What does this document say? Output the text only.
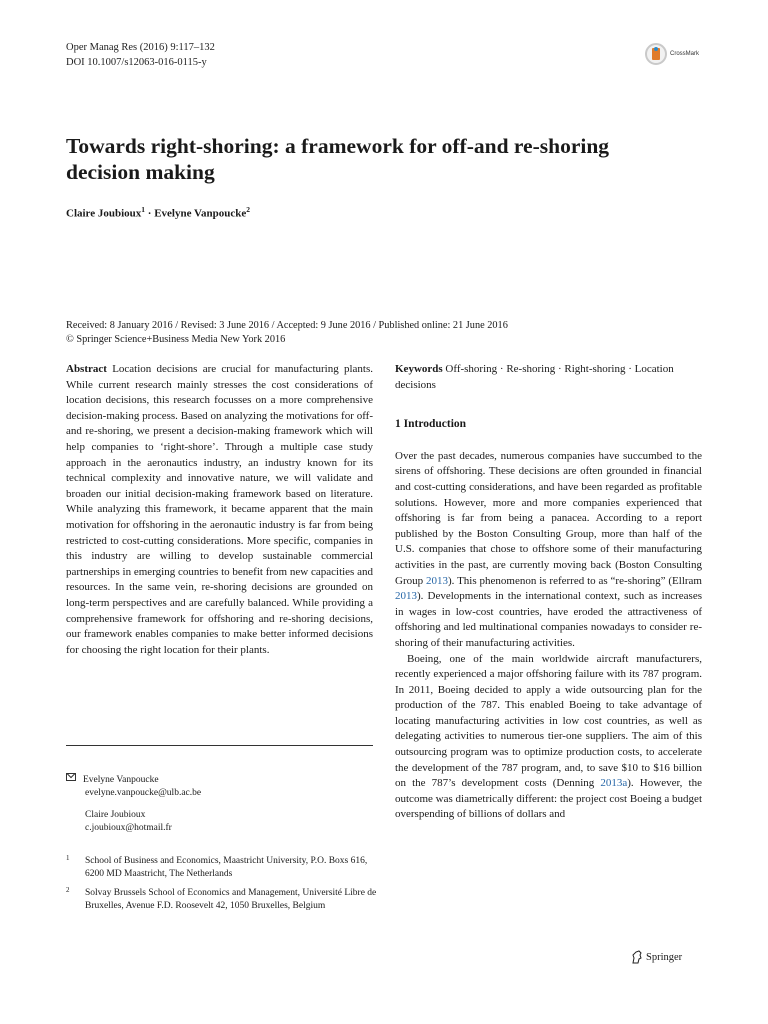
Oper Manag Res (2016) 9:117–132
DOI 10.1007/s12063-016-0115-y
CrossMark
Towards right-shoring: a framework for off-and re-shoring decision making
Claire Joubioux$^1$ · Evelyne Vanpoucke$^2$
Received: 8 January 2016 / Revised: 3 June 2016 / Accepted: 9 June 2016 / Published online: 21 June 2016
© Springer Science+Business Media New York 2016
Abstract Location decisions are crucial for manufacturing plants. While current research mainly stresses the cost considerations of location decisions, this research focusses on a more comprehensive decision-making process. Based on analyzing the motivations for off-and re-shoring, we present a decision-making framework which will help companies to ‘right-shore’. Through a multiple case study approach in the aeronautics industry, an industry known for its technical complexity and innovative nature, we will validate and broaden our initial decision-making framework based on literature. While analyzing this framework, it became apparent that the main motivation for offshoring in the aeronautic industry is far from being restricted to cost-cutting considerations. More specific, companies in this industry are willing to develop sustainable commercial partnerships in emerging countries to benefit from new capacities and resources. In the same vein, re-shoring decisions are grounded on long-term perspectives and are carefully balanced. While providing a comprehensive framework for offshoring and re-shoring decisions, our framework enables companies to make better informed decisions for choosing the right location for their plants.
Evelyne Vanpoucke
evelyne.vanpoucke@ulb.ac.be
Claire Joubioux
c.joubioux@hotmail.fr
1 School of Business and Economics, Maastricht University, P.O. Boxs 616, 6200 MD Maastricht, The Netherlands
2 Solvay Brussels School of Economics and Management, Université Libre de Bruxelles, Avenue F.D. Roosevelt 42, 1050 Bruxelles, Belgium
Keywords Off-shoring · Re-shoring · Right-shoring · Location decisions
1 Introduction
Over the past decades, numerous companies have succumbed to the sirens of offshoring. These decisions are often grounded in financial and cost-cutting considerations, and have been regarded as profitable solutions. However, more and more companies experienced that offshoring is far from being a panacea. According to a report published by the Boston Consulting Group, more than half of the U.S. companies that chose to offshore some of their manufacturing activities in the past, are currently moving back (Boston Consulting Group 2013). This phenomenon is referred to as “re-shoring” (Ellram 2013). Developments in the international context, such as increases in wages in low-cost countries, have eroded the attractiveness of offshoring and led multinational companies nowadays to consider re-shoring of their manufacturing activities.
Boeing, one of the main worldwide aircraft manufacturers, recently experienced a major offshoring failure with its 787 program. In 2011, Boeing decided to apply a wide outsourcing plan for the production of the 787. This enabled Boeing to take advantage of locating manufacturing activities in low cost countries, as well as delegating activities to numerous tier-one suppliers. The aim of this outsourcing program was to optimize production costs, to accelerate the development of the 787 program, and, to save $10 to $16 billion on the 787’s development costs (Denning 2013a). However, the outcome was diametrically different: the project cost Boeing a budget overspending of billions of dollars and
Springer
